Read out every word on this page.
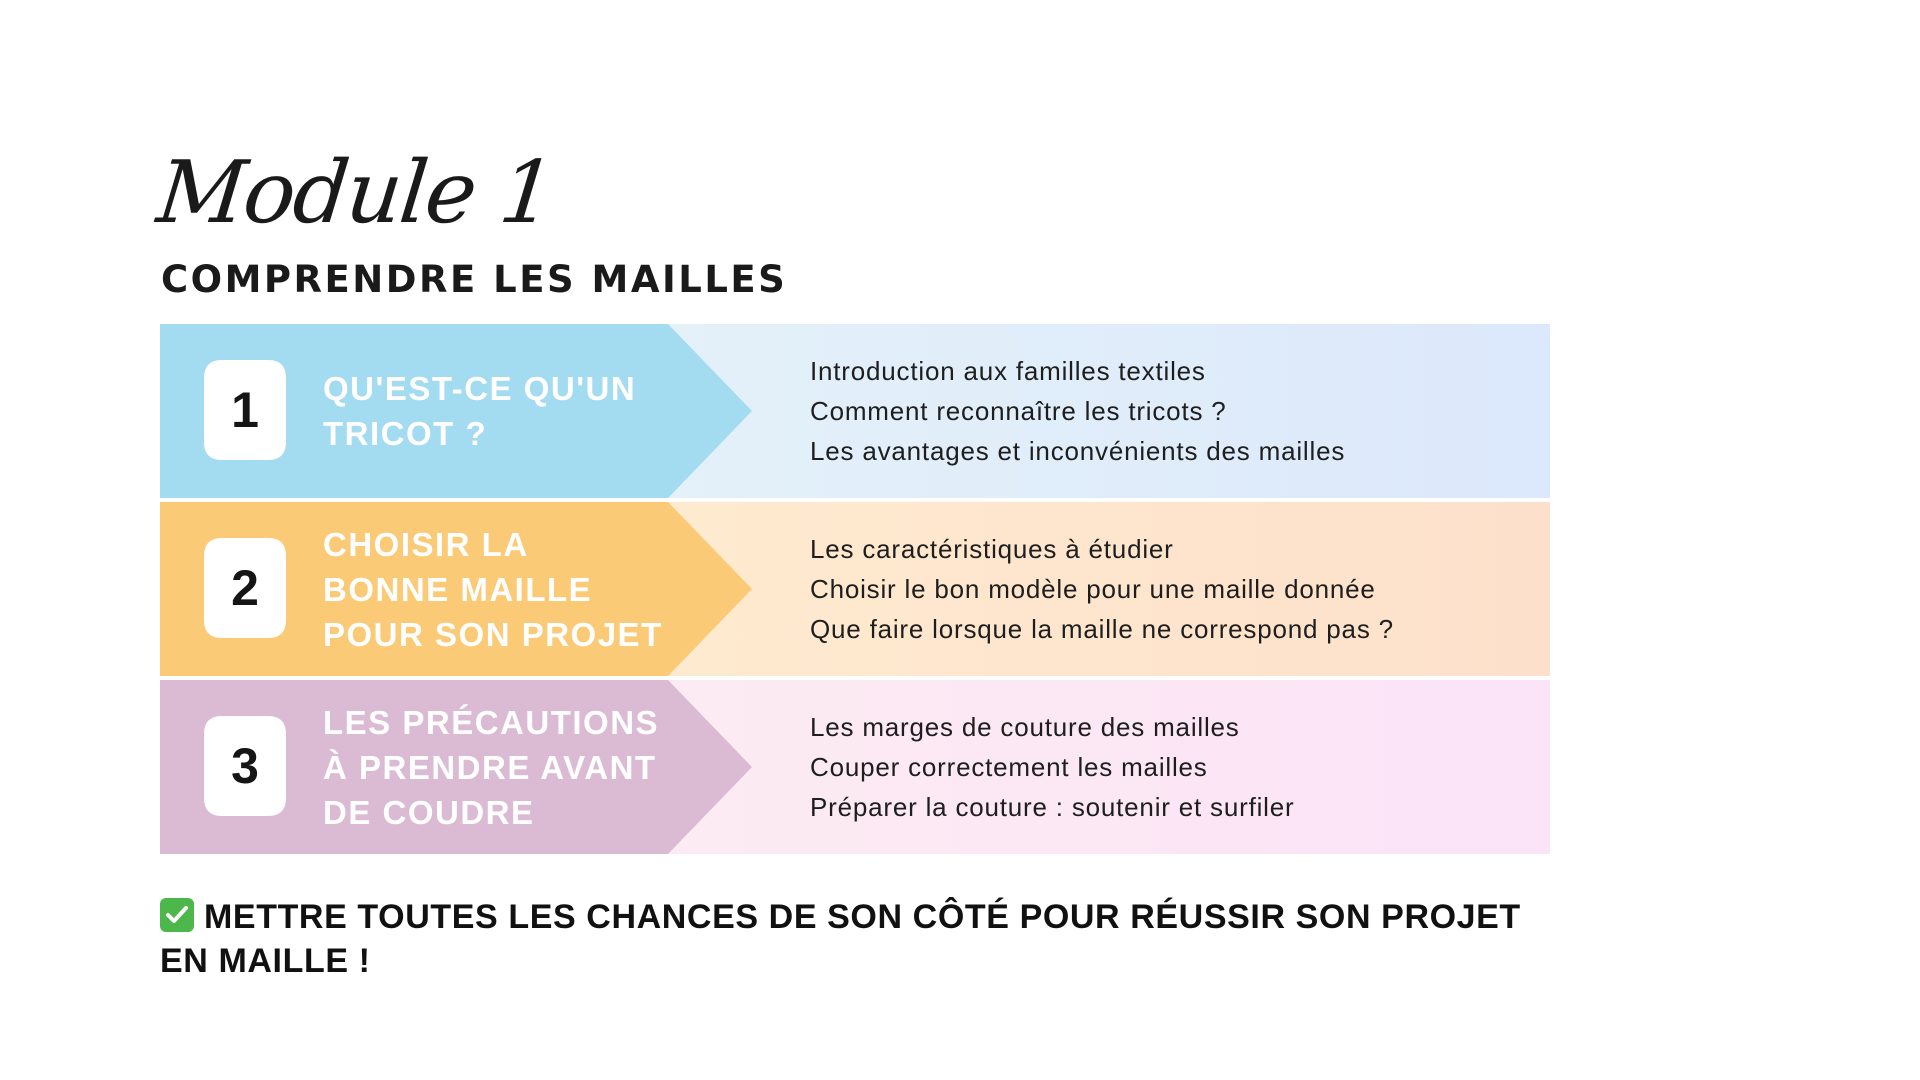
Module 1
COMPRENDRE LES MAILLES
1	QU'EST-CE QU'UN
TRICOT ?
Introduction aux familles textiles
Comment reconnaître les tricots ?
Les avantages et inconvénients des mailles
2
CHOISIR LA
BONNE MAILLE
POUR SON PROJET
Les caractéristiques à étudier
Choisir le bon modèle pour une maille donnée
Que faire lorsque la maille ne correspond pas ?
3
LES PRÉCAUTIONS
À PRENDRE AVANT
DE COUDRE
Les marges de couture des mailles
Couper correctement les mailles
Préparer la couture : soutenir et surfiler
METTRE TOUTES LES CHANCES DE SON CÔTÉ POUR RÉUSSIR SON PROJET EN MAILLE !
